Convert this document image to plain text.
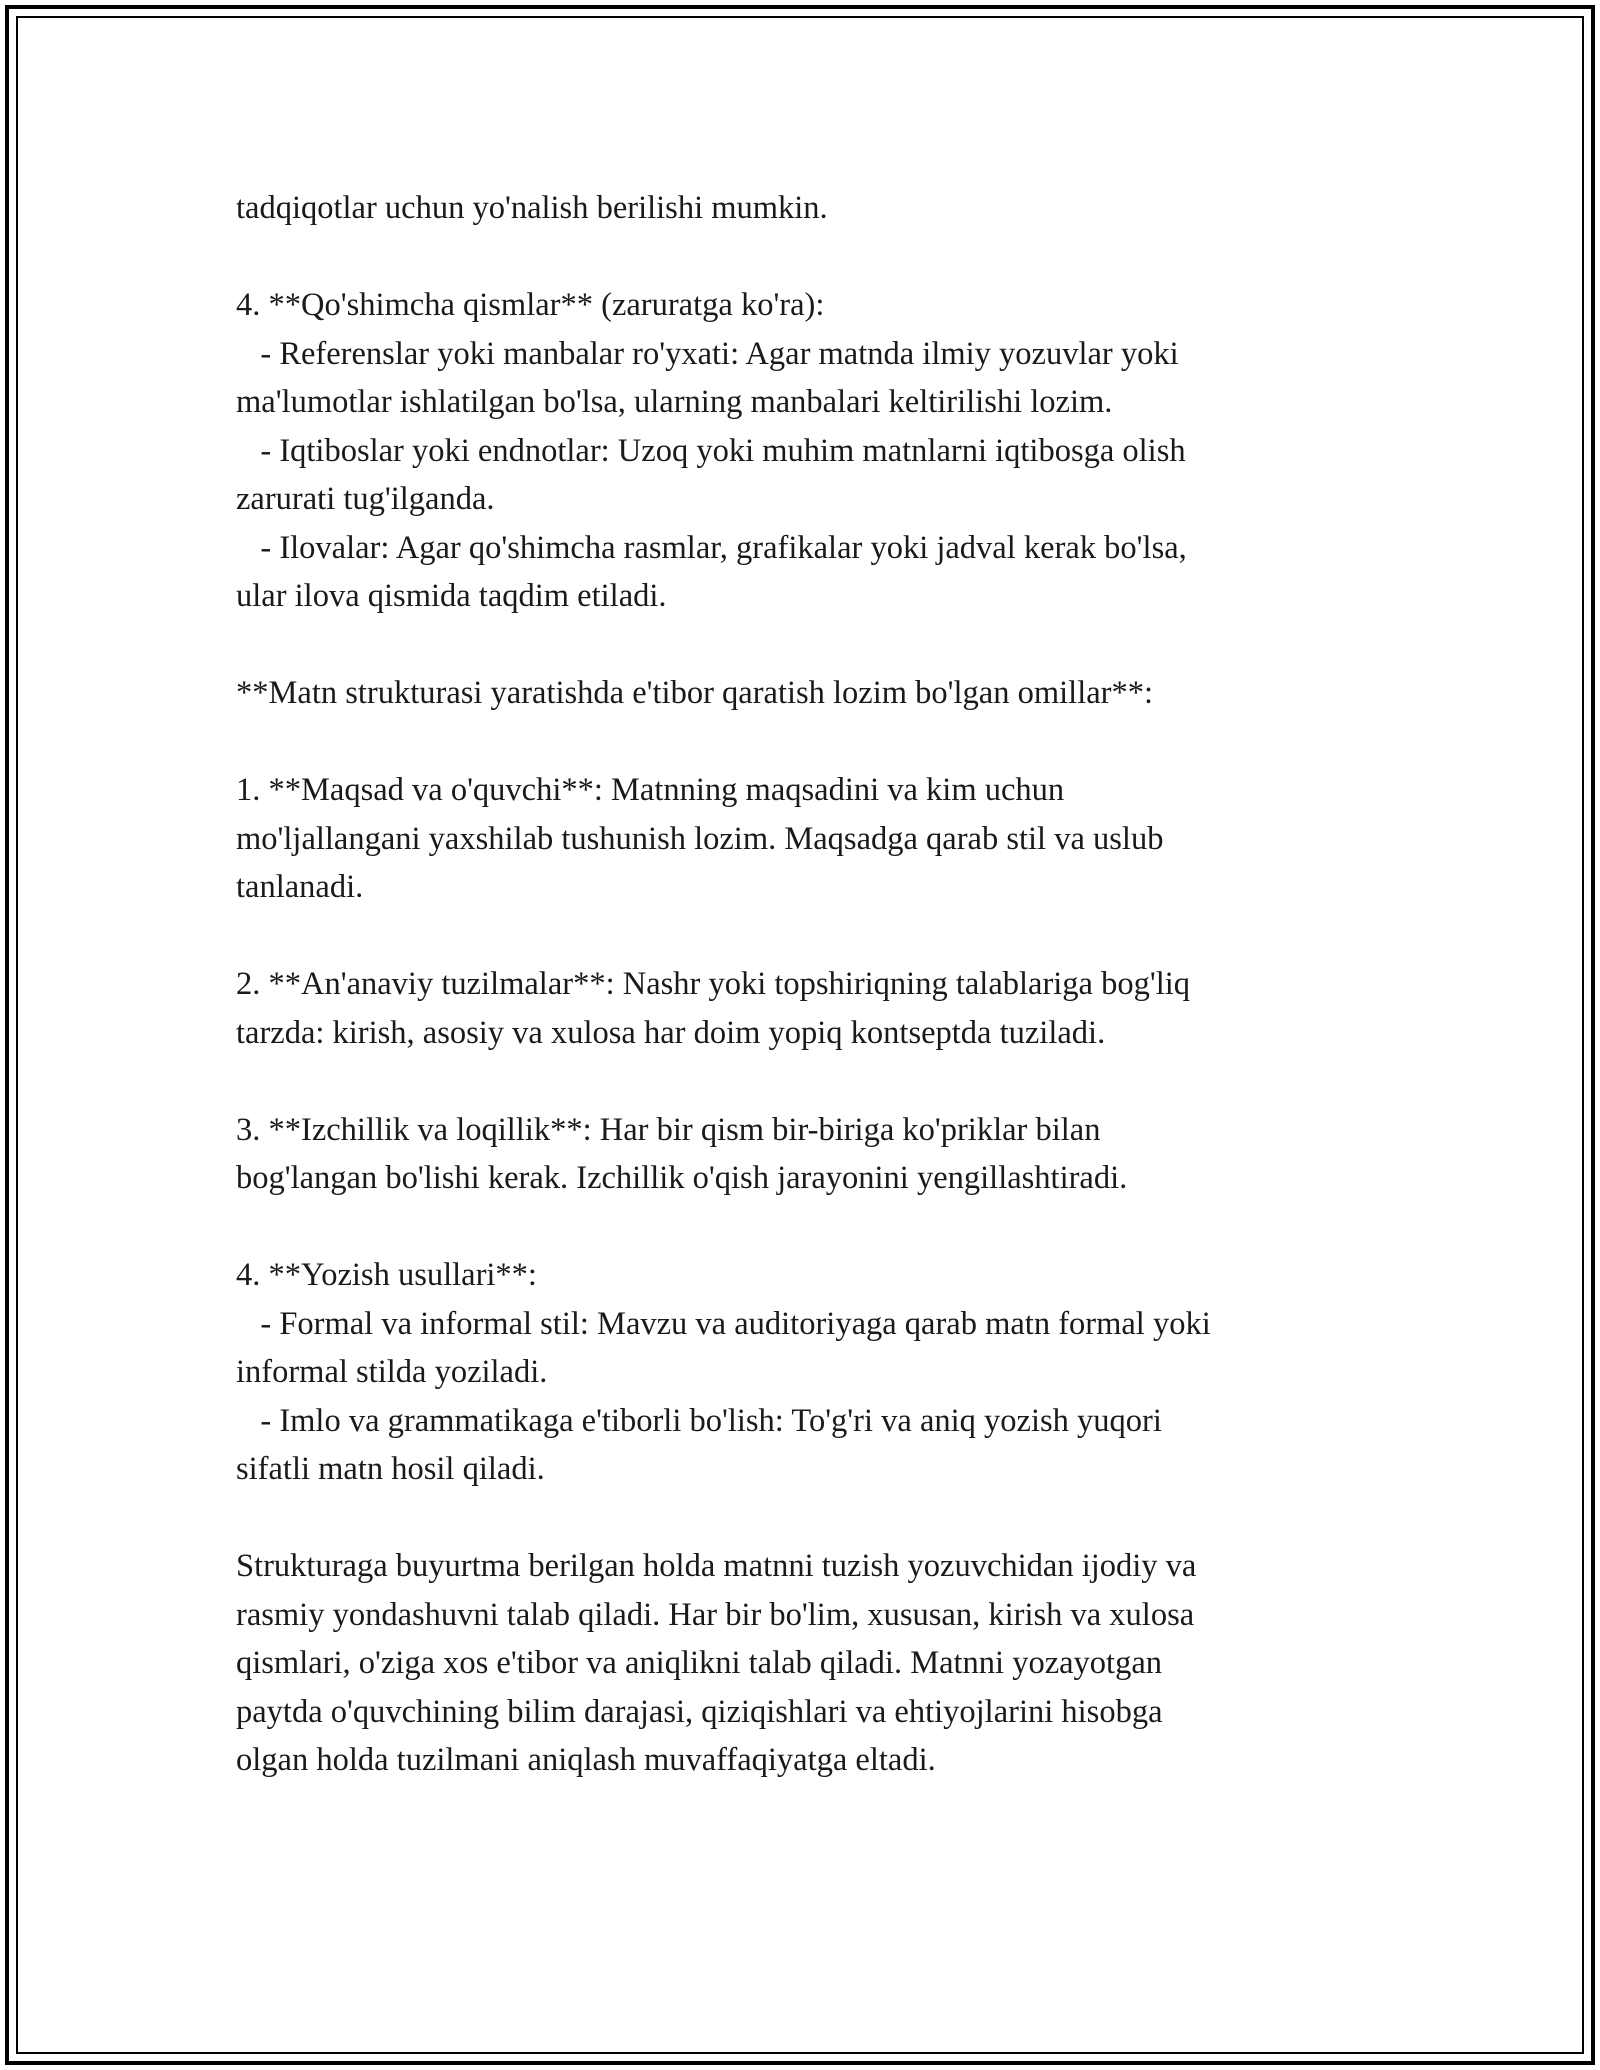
tadqiqotlar uchun yo'nalish berilishi mumkin.
4. **Qo'shimcha qismlar** (zaruratga ko'ra):
- Referenslar yoki manbalar ro'yxati: Agar matnda ilmiy yozuvlar yoki
ma'lumotlar ishlatilgan bo'lsa, ularning manbalari keltirilishi lozim.
- Iqtiboslar yoki endnotlar: Uzoq yoki muhim matnlarni iqtibosga olish
zarurati tug'ilganda.
- Ilovalar: Agar qo'shimcha rasmlar, grafikalar yoki jadval kerak bo'lsa,
ular ilova qismida taqdim etiladi.
**Matn strukturasi yaratishda e'tibor qaratish lozim bo'lgan omillar**:
1. **Maqsad va o'quvchi**: Matnning maqsadini va kim uchun
mo'ljallangani yaxshilab tushunish lozim. Maqsadga qarab stil va uslub
tanlanadi.
2. **An'anaviy tuzilmalar**: Nashr yoki topshiriqning talablariga bog'liq
tarzda: kirish, asosiy va xulosa har doim yopiq kontseptda tuziladi.
3. **Izchillik va loqillik**: Har bir qism bir-biriga ko'priklar bilan
bog'langan bo'lishi kerak. Izchillik o'qish jarayonini yengillashtiradi.
4. **Yozish usullari**:
- Formal va informal stil: Mavzu va auditoriyaga qarab matn formal yoki
informal stilda yoziladi.
- Imlo va grammatikaga e'tiborli bo'lish: To'g'ri va aniq yozish yuqori
sifatli matn hosil qiladi.
Strukturaga buyurtma berilgan holda matnni tuzish yozuvchidan ijodiy va
rasmiy yondashuvni talab qiladi. Har bir bo'lim, xususan, kirish va xulosa
qismlari, o'ziga xos e'tibor va aniqlikni talab qiladi. Matnni yozayotgan
paytda o'quvchining bilim darajasi, qiziqishlari va ehtiyojlarini hisobga
olgan holda tuzilmani aniqlash muvaffaqiyatga eltadi.
